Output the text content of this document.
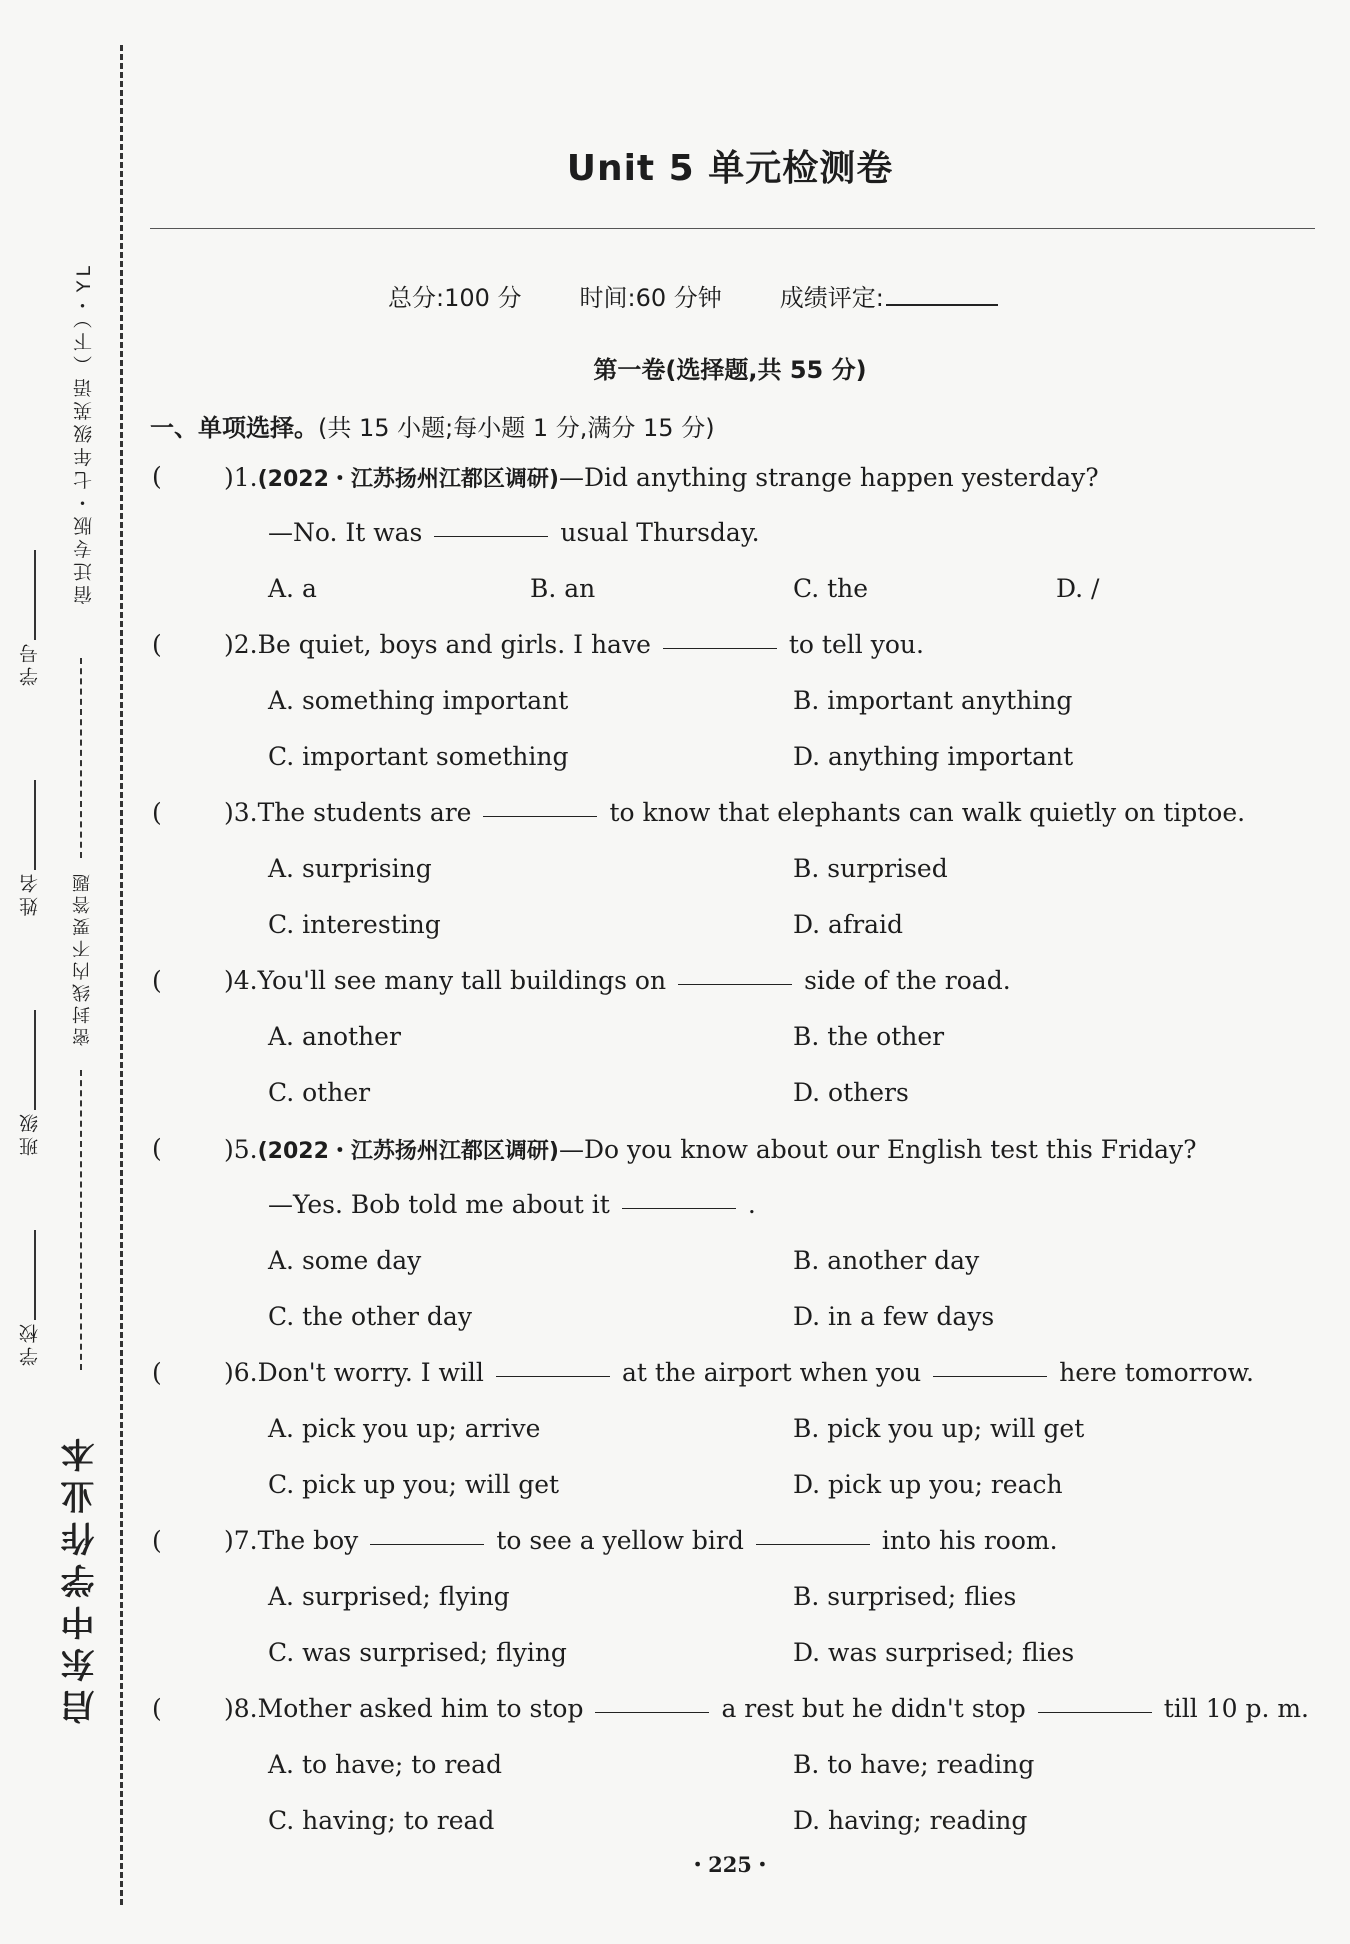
宿迁专版・七年级英语（下）・YL
密封线内不要答题
启东中学作业本
学号
姓名
班级
学校
Unit 5 单元检测卷
总分:100 分 时间:60 分钟 成绩评定:
第一卷(选择题,共 55 分)
一、单项选择。(共 15 小题;每小题 1 分,满分 15 分)
( )1.(2022・江苏扬州江都区调研)—Did anything strange happen yesterday?
—No. It was	usual Thursday.
A. a	B. an	C. the	D. /
( )2.Be quiet, boys and girls. I have	to tell you.
A. something important	B. important anything
C. important something	D. anything important
( )3.The students are	to know that elephants can walk quietly on tiptoe.
A. surprising	B. surprised
C. interesting	D. afraid
( )4.You'll see many tall buildings on	side of the road.
A. another	B. the other
C. other	D. others
( )5.(2022・江苏扬州江都区调研)—Do you know about our English test this Friday?
—Yes. Bob told me about it	.
A. some day	B. another day
C. the other day	D. in a few days
( )6.Don't worry. I will	at the airport when you	here tomorrow.
A. pick you up; arrive	B. pick you up; will get
C. pick up you; will get	D. pick up you; reach
( )7.The boy	to see a yellow bird	into his room.
A. surprised; flying	B. surprised; flies
C. was surprised; flying	D. was surprised; flies
( )8.Mother asked him to stop	a rest but he didn't stop	till 10 p. m.
A. to have; to read	B. to have; reading
C. having; to read	D. having; reading
・225・
